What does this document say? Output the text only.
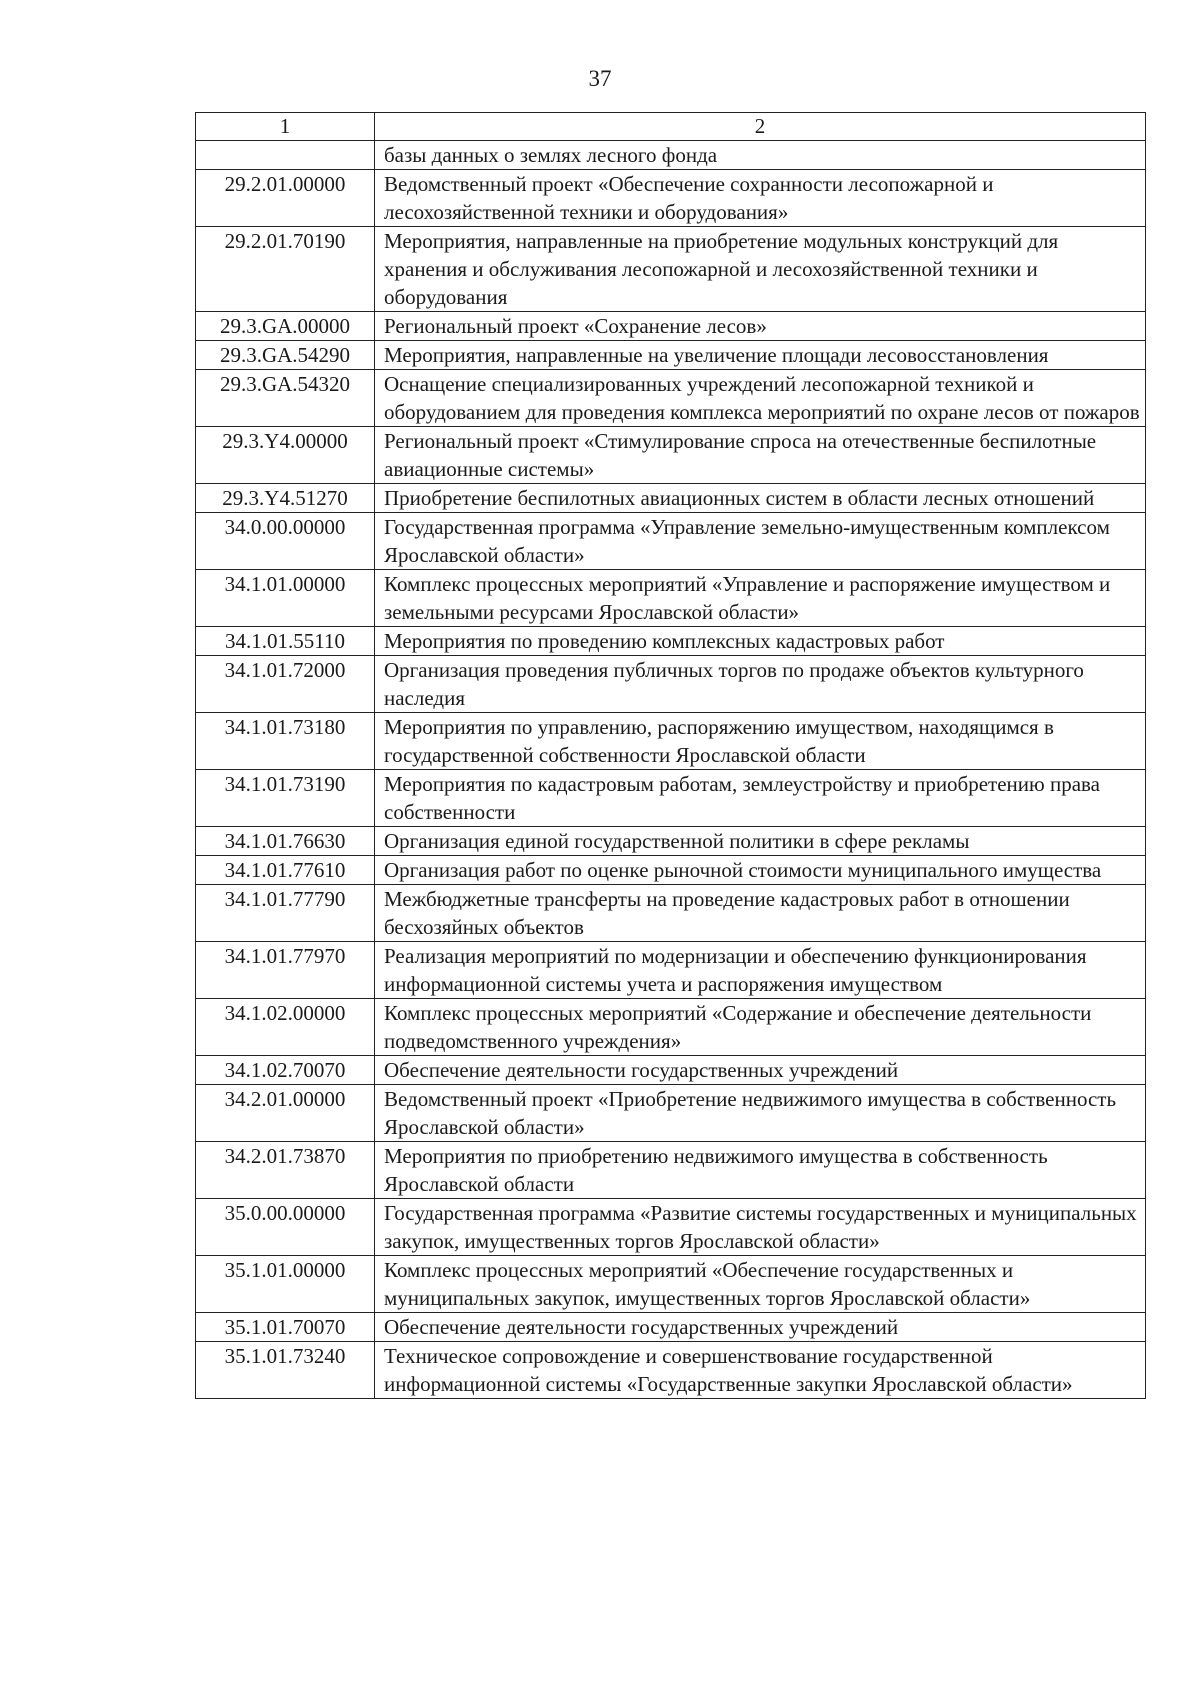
37
1	2
	базы данных о землях лесного фонда
29.2.01.00000	Ведомственный проект «Обеспечение сохранности лесопожарной и лесохозяйственной техники и оборудования»
29.2.01.70190	Мероприятия, направленные на приобретение модульных конструкций для хранения и обслуживания лесопожарной и лесохозяйственной техники и оборудования
29.3.GA.00000	Региональный проект «Сохранение лесов»
29.3.GA.54290	Мероприятия, направленные на увеличение площади лесовосстановления
29.3.GA.54320	Оснащение специализированных учреждений лесопожарной техникой и оборудованием для проведения комплекса мероприятий по охране лесов от пожаров
29.3.Y4.00000	Региональный проект «Стимулирование спроса на отечественные беспилотные авиационные системы»
29.3.Y4.51270	Приобретение беспилотных авиационных систем в области лесных отношений
34.0.00.00000	Государственная программа «Управление земельно-имущественным комплексом Ярославской области»
34.1.01.00000	Комплекс процессных мероприятий «Управление и распоряжение имуществом и земельными ресурсами Ярославской области»
34.1.01.55110	Мероприятия по проведению комплексных кадастровых работ
34.1.01.72000	Организация проведения публичных торгов по продаже объектов культурного наследия
34.1.01.73180	Мероприятия по управлению, распоряжению имуществом, находящимся в государственной собственности Ярославской области
34.1.01.73190	Мероприятия по кадастровым работам, землеустройству и приобретению права собственности
34.1.01.76630	Организация единой государственной политики в сфере рекламы
34.1.01.77610	Организация работ по оценке рыночной стоимости муниципального имущества
34.1.01.77790	Межбюджетные трансферты на проведение кадастровых работ в отношении бесхозяйных объектов
34.1.01.77970	Реализация мероприятий по модернизации и обеспечению функционирования информационной системы учета и распоряжения имуществом
34.1.02.00000	Комплекс процессных мероприятий «Содержание и обеспечение деятельности подведомственного учреждения»
34.1.02.70070	Обеспечение деятельности государственных учреждений
34.2.01.00000	Ведомственный проект «Приобретение недвижимого имущества в собственность Ярославской области»
34.2.01.73870	Мероприятия по приобретению недвижимого имущества в собственность Ярославской области
35.0.00.00000	Государственная программа «Развитие системы государственных и муниципальных закупок, имущественных торгов Ярославской области»
35.1.01.00000	Комплекс процессных мероприятий «Обеспечение государственных и муниципальных закупок, имущественных торгов Ярославской области»
35.1.01.70070	Обеспечение деятельности государственных учреждений
35.1.01.73240	Техническое сопровождение и совершенствование государственной информационной системы «Государственные закупки Ярославской области»
